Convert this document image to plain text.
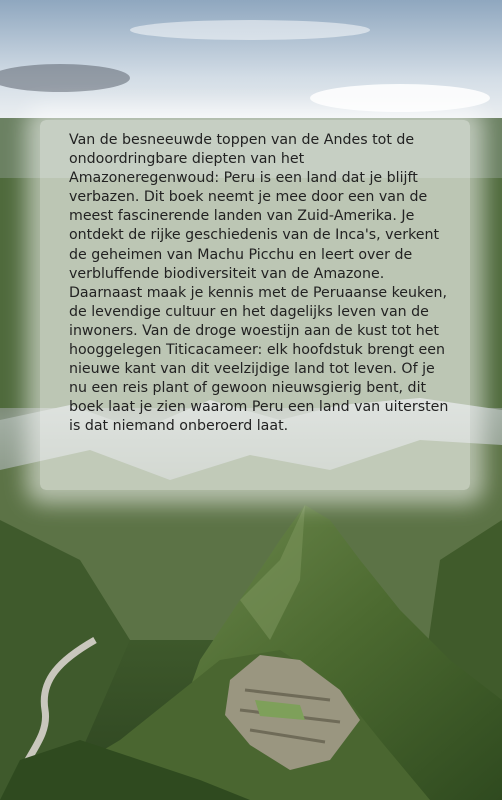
Van de besneeuwde toppen van de Andes tot de ondoordringbare diepten van het Amazoneregenwoud: Peru is een land dat je blijft verbazen. Dit boek neemt je mee door een van de meest fascinerende landen van Zuid-Amerika. Je ontdekt de rijke geschiedenis van de Inca's, verkent de geheimen van Machu Picchu en leert over de verbluffende biodiversiteit van de Amazone. Daarnaast maak je kennis met de Peruaanse keuken, de levendige cultuur en het dagelijks leven van de inwoners. Van de droge woestijn aan de kust tot het hooggelegen Titicacameer: elk hoofdstuk brengt een nieuwe kant van dit veelzijdige land tot leven. Of je nu een reis plant of gewoon nieuwsgierig bent, dit boek laat je zien waarom Peru een land van uitersten is dat niemand onberoerd laat.
